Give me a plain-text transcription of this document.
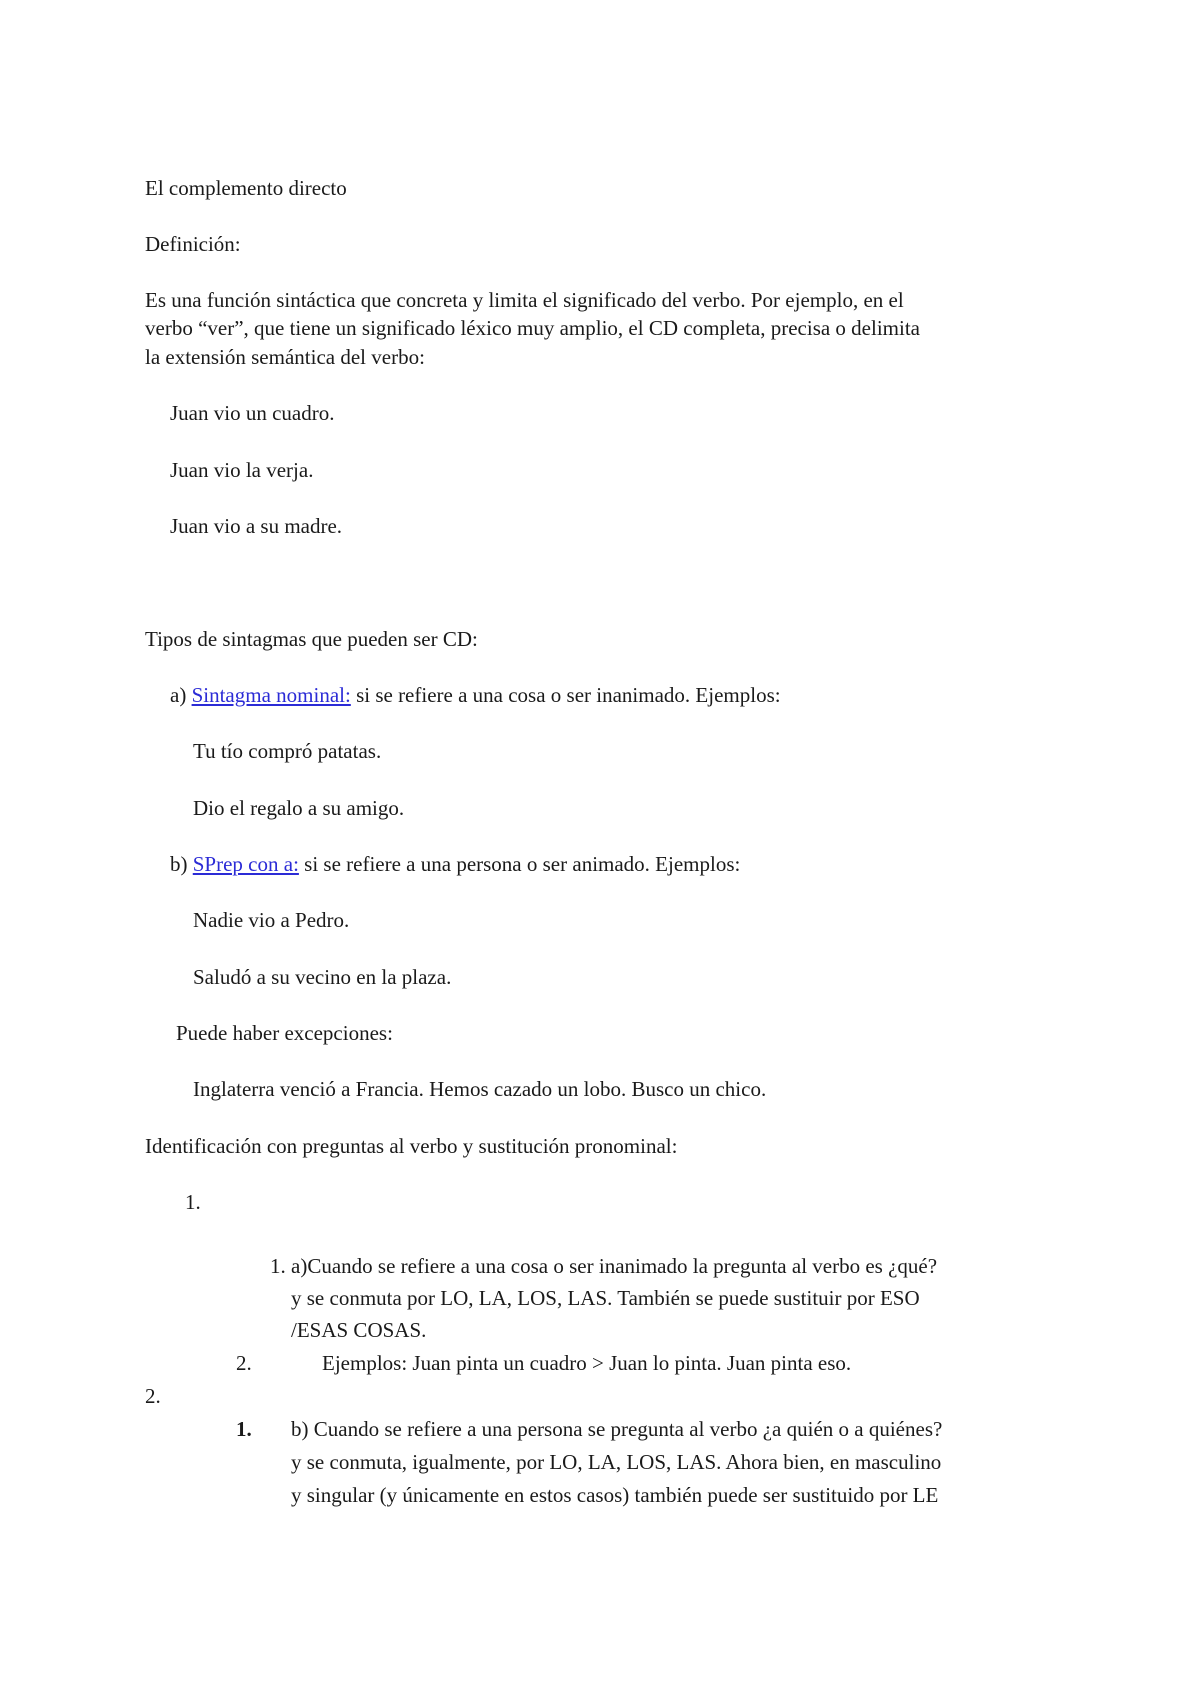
El complemento directo
Definición:
Es una función sintáctica que concreta y limita el significado del verbo. Por ejemplo, en el
verbo “ver”, que tiene un significado léxico muy amplio, el CD completa, precisa o delimita
la extensión semántica del verbo:
Juan vio un cuadro.
Juan vio la verja.
Juan vio a su madre.
Tipos de sintagmas que pueden ser CD:
a) Sintagma nominal: si se refiere a una cosa o ser inanimado. Ejemplos:
Tu tío compró patatas.
Dio el regalo a su amigo.
b) SPrep con a: si se refiere a una persona o ser animado. Ejemplos:
Nadie vio a Pedro.
Saludó a su vecino en la plaza.
Puede haber excepciones:
Inglaterra venció a Francia. Hemos cazado un lobo. Busco un chico.
Identificación con preguntas al verbo y sustitución pronominal:
1.
1. a)Cuando se refiere a una cosa o ser inanimado la pregunta al verbo es ¿qué?
y se conmuta por LO, LA, LOS, LAS. También se puede sustituir por ESO
/ESAS COSAS.
2.	Ejemplos: Juan pinta un cuadro > Juan lo pinta. Juan pinta eso.
2.
1. b) Cuando se refiere a una persona se pregunta al verbo ¿a quién o a quiénes?
y se conmuta, igualmente, por LO, LA, LOS, LAS. Ahora bien, en masculino
y singular (y únicamente en estos casos) también puede ser sustituido por LE
